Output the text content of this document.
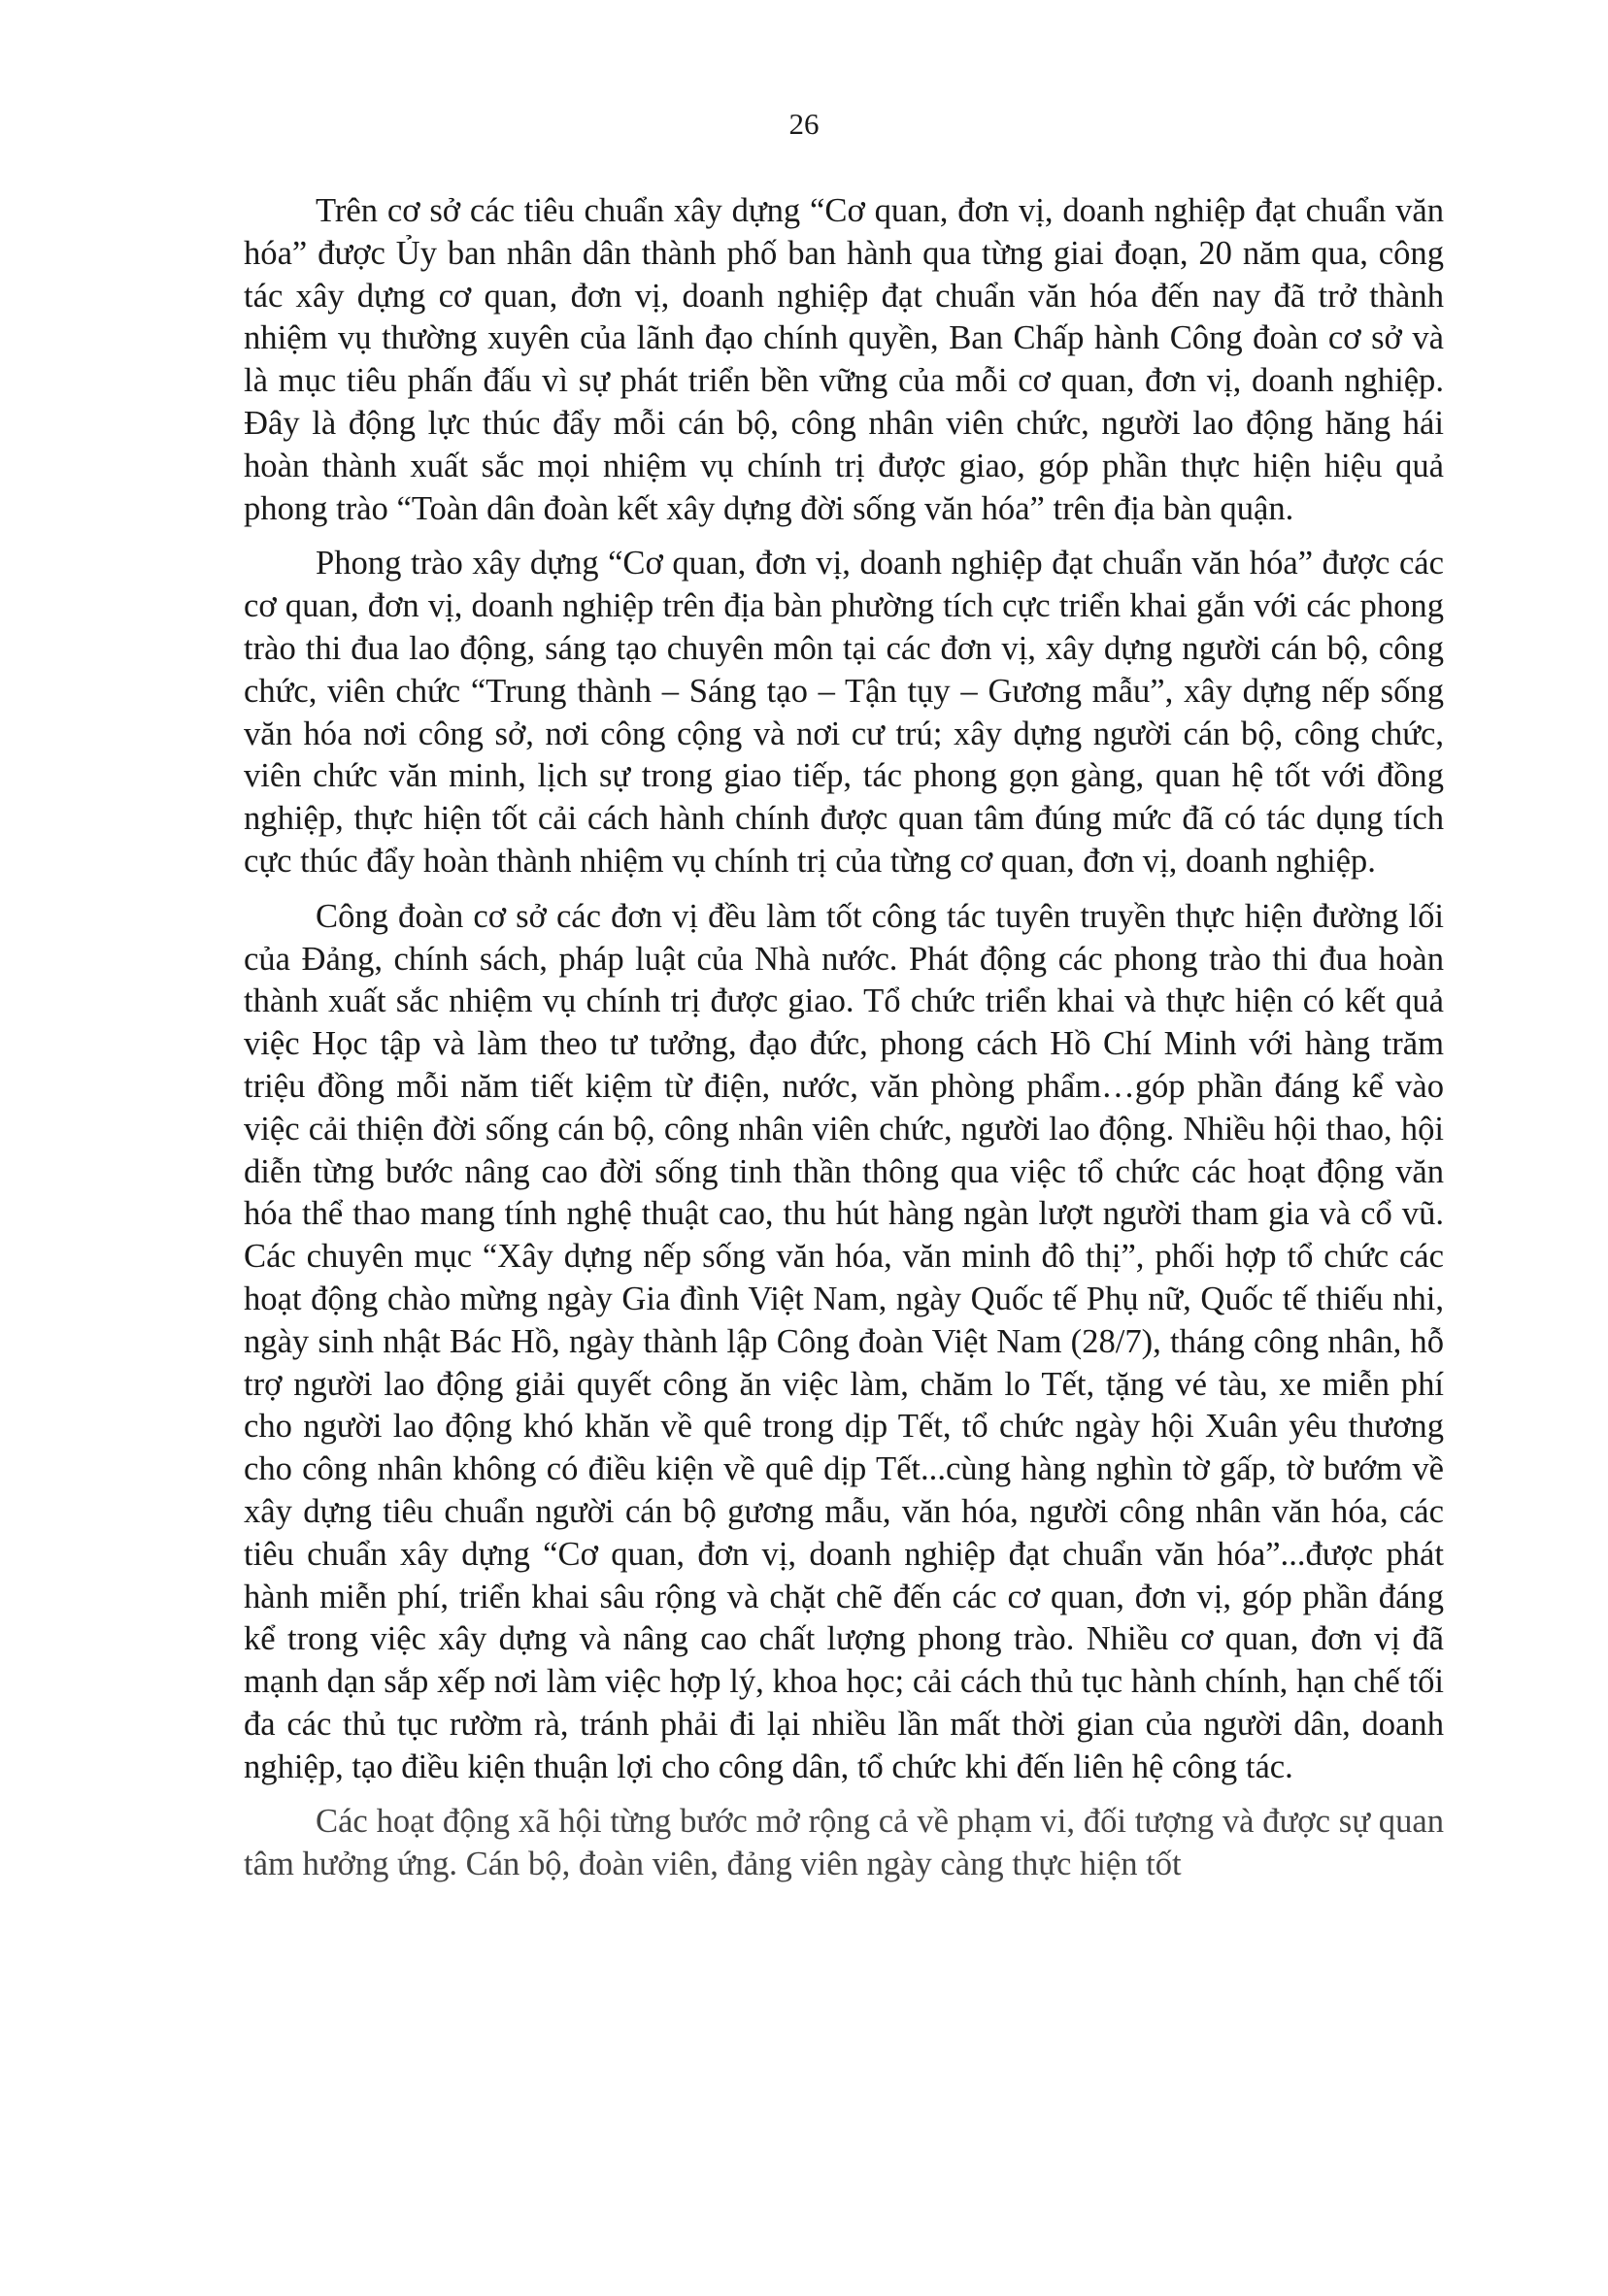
26

Trên cơ sở các tiêu chuẩn xây dựng “Cơ quan, đơn vị, doanh nghiệp đạt chuẩn văn hóa” được Ủy ban nhân dân thành phố ban hành qua từng giai đoạn, 20 năm qua, công tác xây dựng cơ quan, đơn vị, doanh nghiệp đạt chuẩn văn hóa đến nay đã trở thành nhiệm vụ thường xuyên của lãnh đạo chính quyền, Ban Chấp hành Công đoàn cơ sở và là mục tiêu phấn đấu vì sự phát triển bền vững của mỗi cơ quan, đơn vị, doanh nghiệp. Đây là động lực thúc đẩy mỗi cán bộ, công nhân viên chức, người lao động hăng hái hoàn thành xuất sắc mọi nhiệm vụ chính trị được giao, góp phần thực hiện hiệu quả phong trào “Toàn dân đoàn kết xây dựng đời sống văn hóa” trên địa bàn quận.

Phong trào xây dựng “Cơ quan, đơn vị, doanh nghiệp đạt chuẩn văn hóa” được các cơ quan, đơn vị, doanh nghiệp trên địa bàn phường tích cực triển khai gắn với các phong trào thi đua lao động, sáng tạo chuyên môn tại các đơn vị, xây dựng người cán bộ, công chức, viên chức “Trung thành – Sáng tạo – Tận tụy – Gương mẫu”, xây dựng nếp sống văn hóa nơi công sở, nơi công cộng và nơi cư trú; xây dựng người cán bộ, công chức, viên chức văn minh, lịch sự trong giao tiếp, tác phong gọn gàng, quan hệ tốt với đồng nghiệp, thực hiện tốt cải cách hành chính được quan tâm đúng mức đã có tác dụng tích cực thúc đẩy hoàn thành nhiệm vụ chính trị của từng cơ quan, đơn vị, doanh nghiệp.

Công đoàn cơ sở các đơn vị đều làm tốt công tác tuyên truyền thực hiện đường lối của Đảng, chính sách, pháp luật của Nhà nước. Phát động các phong trào thi đua hoàn thành xuất sắc nhiệm vụ chính trị được giao. Tổ chức triển khai và thực hiện có kết quả việc Học tập và làm theo tư tưởng, đạo đức, phong cách Hồ Chí Minh với hàng trăm triệu đồng mỗi năm tiết kiệm từ điện, nước, văn phòng phẩm…góp phần đáng kể vào việc cải thiện đời sống cán bộ, công nhân viên chức, người lao động. Nhiều hội thao, hội diễn từng bước nâng cao đời sống tinh thần thông qua việc tổ chức các hoạt động văn hóa thể thao mang tính nghệ thuật cao, thu hút hàng ngàn lượt người tham gia và cổ vũ. Các chuyên mục “Xây dựng nếp sống văn hóa, văn minh đô thị”, phối hợp tổ chức các hoạt động chào mừng ngày Gia đình Việt Nam, ngày Quốc tế Phụ nữ, Quốc tế thiếu nhi, ngày sinh nhật Bác Hồ, ngày thành lập Công đoàn Việt Nam (28/7), tháng công nhân, hỗ trợ người lao động giải quyết công ăn việc làm, chăm lo Tết, tặng vé tàu, xe miễn phí cho người lao động khó khăn về quê trong dịp Tết, tổ chức ngày hội Xuân yêu thương cho công nhân không có điều kiện về quê dịp Tết...cùng hàng nghìn tờ gấp, tờ bướm về xây dựng tiêu chuẩn người cán bộ gương mẫu, văn hóa, người công nhân văn hóa, các tiêu chuẩn xây dựng “Cơ quan, đơn vị, doanh nghiệp đạt chuẩn văn hóa”...được phát hành miễn phí, triển khai sâu rộng và chặt chẽ đến các cơ quan, đơn vị, góp phần đáng kể trong việc xây dựng và nâng cao chất lượng phong trào. Nhiều cơ quan, đơn vị đã mạnh dạn sắp xếp nơi làm việc hợp lý, khoa học; cải cách thủ tục hành chính, hạn chế tối đa các thủ tục rườm rà, tránh phải đi lại nhiều lần mất thời gian của người dân, doanh nghiệp, tạo điều kiện thuận lợi cho công dân, tổ chức khi đến liên hệ công tác.

Các hoạt động xã hội từng bước mở rộng cả về phạm vi, đối tượng và được sự quan tâm hưởng ứng. Cán bộ, đoàn viên, đảng viên ngày càng thực hiện tốt
